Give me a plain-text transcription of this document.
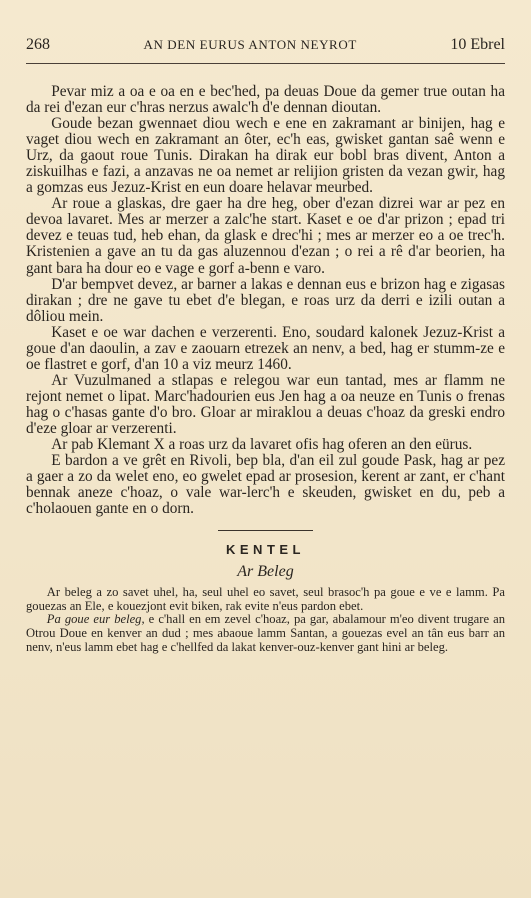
268	AN DEN EURUS ANTON NEYROT	10 Ebrel

Pevar miz a oa e oa en e bec'hed, pa deuas Doue da gemer true outan ha da rei d'ezan eur c'hras nerzus awalc'h d'e dennan dioutan.

Goude bezan gwennaet diou wech e ene en zakramant ar binijen, hag e vaget diou wech en zakramant an ôter, ec'h eas, gwisket gantan saê wenn e Urz, da gaout roue Tunis. Dirakan ha dirak eur bobl bras divent, Anton a ziskuilhas e fazi, a anzavas ne oa nemet ar relijion gristen da vezan gwir, hag a gomzas eus Jezuz-Krist en eun doare helavar meurbed.

Ar roue a glaskas, dre gaer ha dre heg, ober d'ezan dizrei war ar pez en devoa lavaret. Mes ar merzer a zalc'he start. Kaset e oe d'ar prizon ; epad tri devez e teuas tud, heb ehan, da glask e drec'hi ; mes ar merzer eo a oe trec'h. Kristenien a gave an tu da gas aluzennou d'ezan ; o rei a rê d'ar beorien, ha gant bara ha dour eo e vage e gorf a-benn e varo.

D'ar bempvet devez, ar barner a lakas e dennan eus e brizon hag e zigasas dirakan ; dre ne gave tu ebet d'e blegan, e roas urz da derri e izili outan a dôliou mein.

Kaset e oe war dachen e verzerenti. Eno, soudard kalonek Jezuz-Krist a goue d'an daoulin, a zav e zaouarn etrezek an nenv, a bed, hag er stumm-ze e oe flastret e gorf, d'an 10 a viz meurz 1460.

Ar Vuzulmaned a stlapas e relegou war eun tantad, mes ar flamm ne rejont nemet o lipat. Marc'hadourien eus Jen hag a oa neuze en Tunis o frenas hag o c'hasas gante d'o bro. Gloar ar miraklou a deuas c'hoaz da greski endro d'eze gloar ar verzerenti.

Ar pab Klemant X a roas urz da lavaret ofis hag oferen an den eürus.

E bardon a ve grêt en Rivoli, bep bla, d'an eil zul goude Pask, hag ar pez a gaer a zo da welet eno, eo gwelet epad ar prosesion, kerent ar zant, er c'hant bennak aneze c'hoaz, o vale war-lerc'h e skeuden, gwisket en du, peb a c'holaouen gante en o dorn.

KENTEL
Ar Beleg

Ar beleg a zo savet uhel, ha, seul uhel eo savet, seul brasoc'h pa goue e ve e lamm. Pa gouezas an Ele, e kouezjont evit biken, rak evite n'eus pardon ebet.

Pa goue eur beleg, e c'hall en em zevel c'hoaz, pa gar, abalamour m'eo divent trugare an Otrou Doue en kenver an dud ; mes abaoue lamm Santan, a gouezas evel an tân eus barr an nenv, n'eus lamm ebet hag e c'hellfed da lakat kenver-ouz-kenver gant hini ar beleg.
